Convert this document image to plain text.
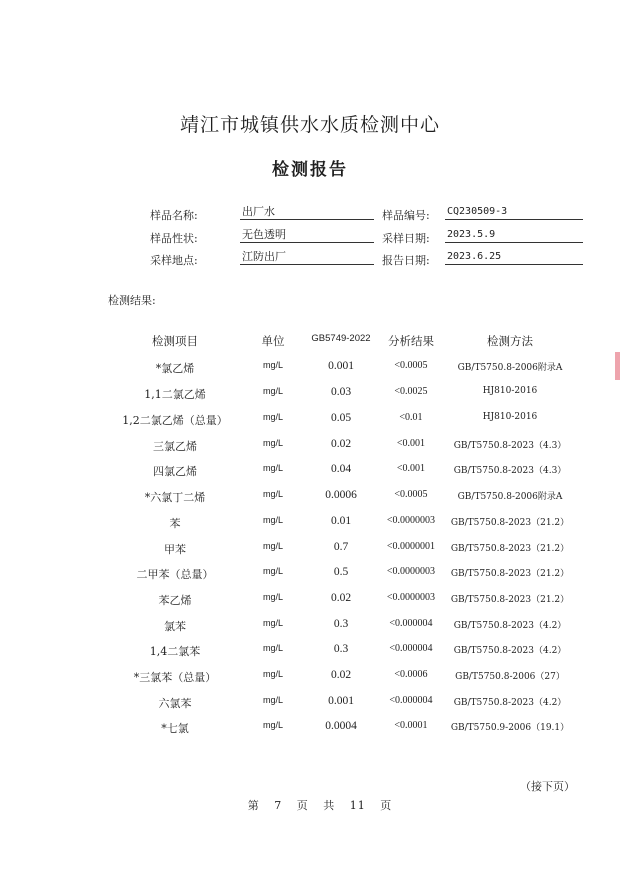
靖江市城镇供水水质检测中心
检测报告
样品名称:	出厂水	样品编号: CQ230509-3
样品性状:	无色透明	采样日期: 2023.5.9
采样地点:	江防出厂	报告日期: 2023.6.25
检测结果:
检测项目	单位	GB5749-2022	分析结果	检测方法
*氯乙烯	mg/L	0.001	<0.0005	GB/T5750.8-2006附录A
1,1二氯乙烯	mg/L	0.03	<0.0025	HJ810-2016
1,2二氯乙烯（总量）	mg/L	0.05	<0.01	HJ810-2016
三氯乙烯	mg/L	0.02	<0.001	GB/T5750.8-2023（4.3）
四氯乙烯	mg/L	0.04	<0.001	GB/T5750.8-2023（4.3）
*六氯丁二烯	mg/L	0.0006	<0.0005	GB/T5750.8-2006附录A
苯	mg/L	0.01	<0.0000003	GB/T5750.8-2023（21.2）
甲苯	mg/L	0.7	<0.0000001	GB/T5750.8-2023（21.2）
二甲苯（总量）	mg/L	0.5	<0.0000003	GB/T5750.8-2023（21.2）
苯乙烯	mg/L	0.02	<0.0000003	GB/T5750.8-2023（21.2）
氯苯	mg/L	0.3	<0.000004	GB/T5750.8-2023（4.2）
1,4二氯苯	mg/L	0.3	<0.000004	GB/T5750.8-2023（4.2）
*三氯苯（总量）	mg/L	0.02	<0.0006	GB/T5750.8-2006（27）
六氯苯	mg/L	0.001	<0.000004	GB/T5750.8-2023（4.2）
*七氯	mg/L	0.0004	<0.0001	GB/T5750.9-2006（19.1）
（接下页）
第 7 页 共 11 页
